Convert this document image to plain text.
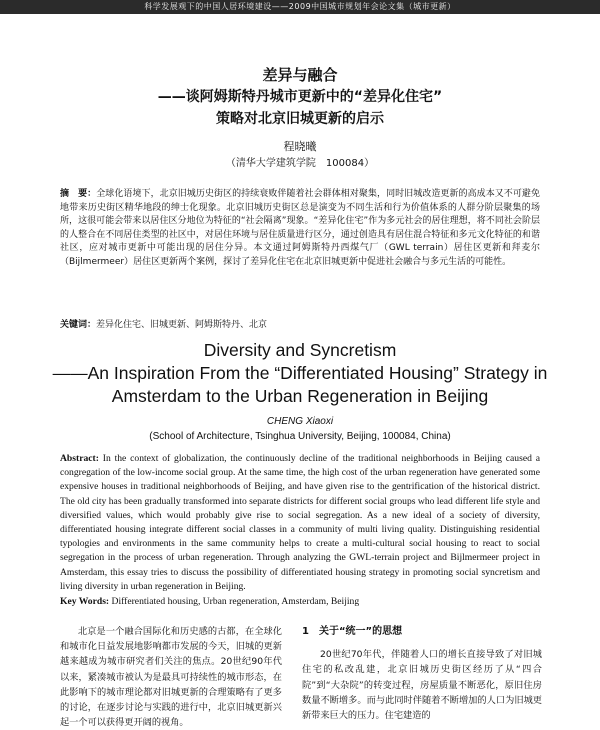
科学发展观下的中国人居环境建设——2009中国城市规划年会论文集（城市更新）
差异与融合
——谈阿姆斯特丹城市更新中的“差异化住宅”
策略对北京旧城更新的启示
程晓曦
（清华大学建筑学院　100084）
摘　要：全球化语境下，北京旧城历史街区的持续衰败伴随着社会群体相对聚集，同时旧城改造更新的高成本又不可避免地带来历史街区精华地段的绅士化现象。北京旧城历史街区总是演变为不同生活和行为价值体系的人群分阶层聚集的场所，这很可能会带来以居住区分地位为特征的“社会隔离”现象。“差异化住宅”作为多元社会的居住理想，将不同社会阶层的人整合在不同居住类型的社区中，对居住环境与居住质量进行区分，通过创造具有居住混合特征和多元文化特征的和谐社区，应对城市更新中可能出现的居住分异。本文通过阿姆斯特丹西煤气厂（GWL terrain）居住区更新和拜麦尔（Bijlmermeer）居住区更新两个案例，探讨了差异化住宅在北京旧城更新中促进社会融合与多元生活的可能性。
关键词：差异化住宅、旧城更新、阿姆斯特丹、北京
Diversity and Syncretism
——An Inspiration From the “Differentiated Housing” Strategy in
Amsterdam to the Urban Regeneration in Beijing
CHENG Xiaoxi
(School of Architecture, Tsinghua University, Beijing, 100084, China)
Abstract: In the context of globalization, the continuously decline of the traditional neighborhoods in Beijing caused a congregation of the low-income social group. At the same time, the high cost of the urban regeneration have generated some expensive houses in traditional neighborhoods of Beijing, and have given rise to the gentrification of the historical district. The old city has been gradually transformed into separate districts for different social groups who lead different life style and diversified values, which would probably give rise to social segregation. As a new ideal of a society of diversity, differentiated housing integrate different social classes in a community of multi living quality. Distinguishing residential typologies and environments in the same community helps to create a multi-cultural social housing to react to social segregation in the process of urban regeneration. Through analyzing the GWL-terrain project and Bijlmermeer project in Amsterdam, this essay tries to discuss the possibility of differentiated housing strategy in promoting social syncretism and living diversity in urban regeneration in Beijing.
Key Words: Differentiated housing, Urban regeneration, Amsterdam, Beijing
北京是一个融合国际化和历史感的古都，在全球化和城市化日益发展地影响都市发展的今天，旧城的更新越来越成为城市研究者们关注的焦点。20世纪90年代以来，紧凑城市被认为是最具可持续性的城市形态，在此影响下的城市理论都对旧城更新的合理策略有了更多的讨论，在逐步讨论与实践的进行中，北京旧城更新兴起一个可以获得更开阔的视角。
1　关于“统一”的思想
20世纪70年代，伴随着人口的增长直接导致了对旧城住宅的私改乱建，北京旧城历史街区经历了从“四合院”到“大杂院”的转变过程，房屋质量不断恶化，原旧住房数量不断增多。而与此同时伴随着不断增加的人口为旧城更新带来巨大的压力。住宅建造的
